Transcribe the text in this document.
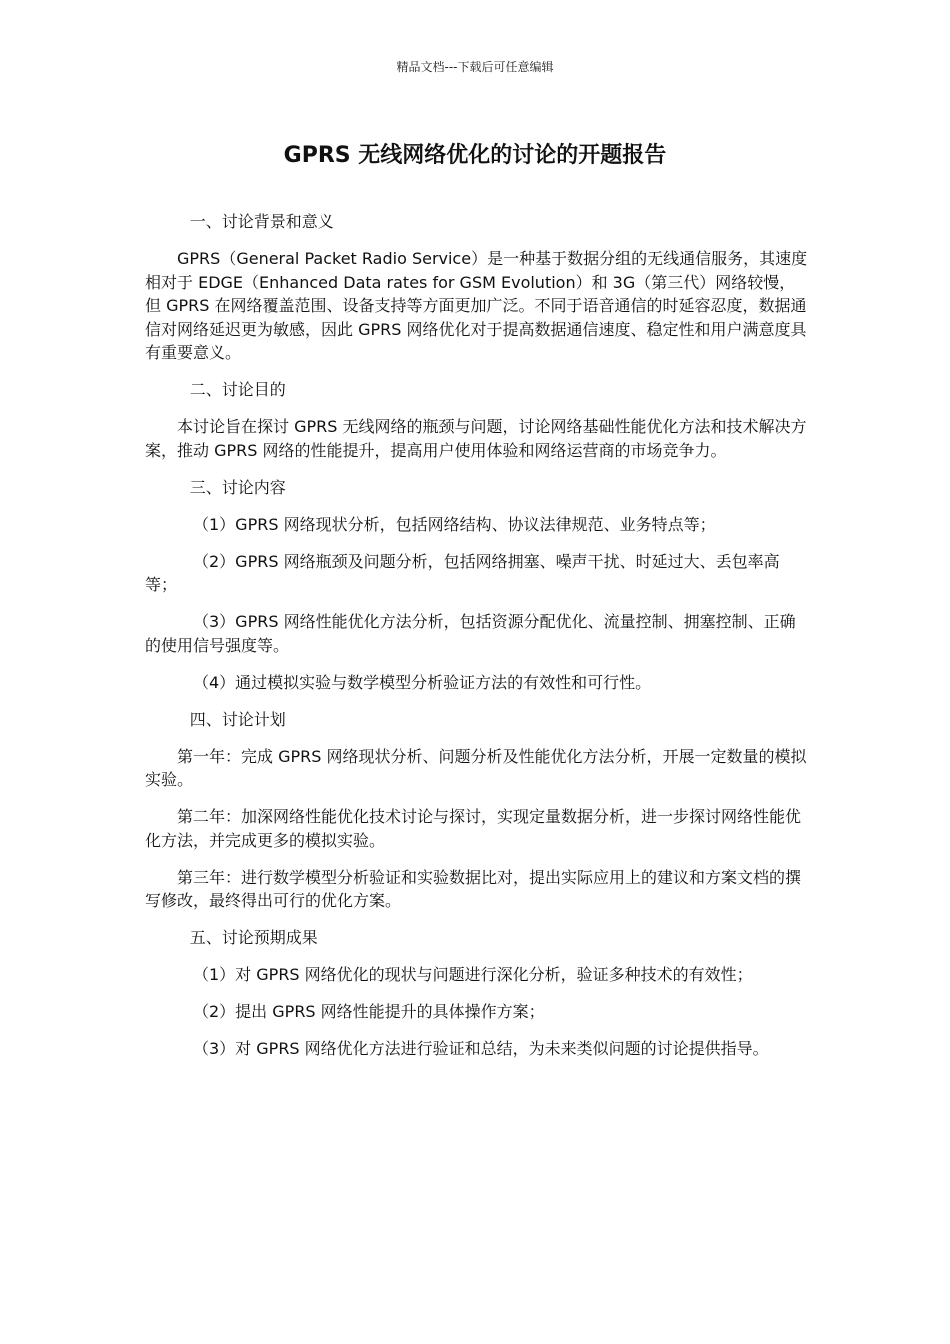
精品文档---下载后可任意编辑
GPRS 无线网络优化的讨论的开题报告

一、讨论背景和意义

GPRS（General Packet Radio Service）是一种基于数据分组的无线通信服务，其速度相对于 EDGE（Enhanced Data rates for GSM Evolution）和 3G（第三代）网络较慢，但 GPRS 在网络覆盖范围、设备支持等方面更加广泛。不同于语音通信的时延容忍度，数据通信对网络延迟更为敏感，因此 GPRS 网络优化对于提高数据通信速度、稳定性和用户满意度具有重要意义。

二、讨论目的

本讨论旨在探讨 GPRS 无线网络的瓶颈与问题，讨论网络基础性能优化方法和技术解决方案，推动 GPRS 网络的性能提升，提高用户使用体验和网络运营商的市场竞争力。

三、讨论内容

（1）GPRS 网络现状分析，包括网络结构、协议法律规范、业务特点等；

（2）GPRS 网络瓶颈及问题分析，包括网络拥塞、噪声干扰、时延过大、丢包率高等；

（3）GPRS 网络性能优化方法分析，包括资源分配优化、流量控制、拥塞控制、正确的使用信号强度等。

（4）通过模拟实验与数学模型分析验证方法的有效性和可行性。

四、讨论计划

第一年：完成 GPRS 网络现状分析、问题分析及性能优化方法分析，开展一定数量的模拟实验。

第二年：加深网络性能优化技术讨论与探讨，实现定量数据分析，进一步探讨网络性能优化方法，并完成更多的模拟实验。

第三年：进行数学模型分析验证和实验数据比对，提出实际应用上的建议和方案文档的撰写修改，最终得出可行的优化方案。

五、讨论预期成果

（1）对 GPRS 网络优化的现状与问题进行深化分析，验证多种技术的有效性；

（2）提出 GPRS 网络性能提升的具体操作方案；

（3）对 GPRS 网络优化方法进行验证和总结，为未来类似问题的讨论提供指导。
